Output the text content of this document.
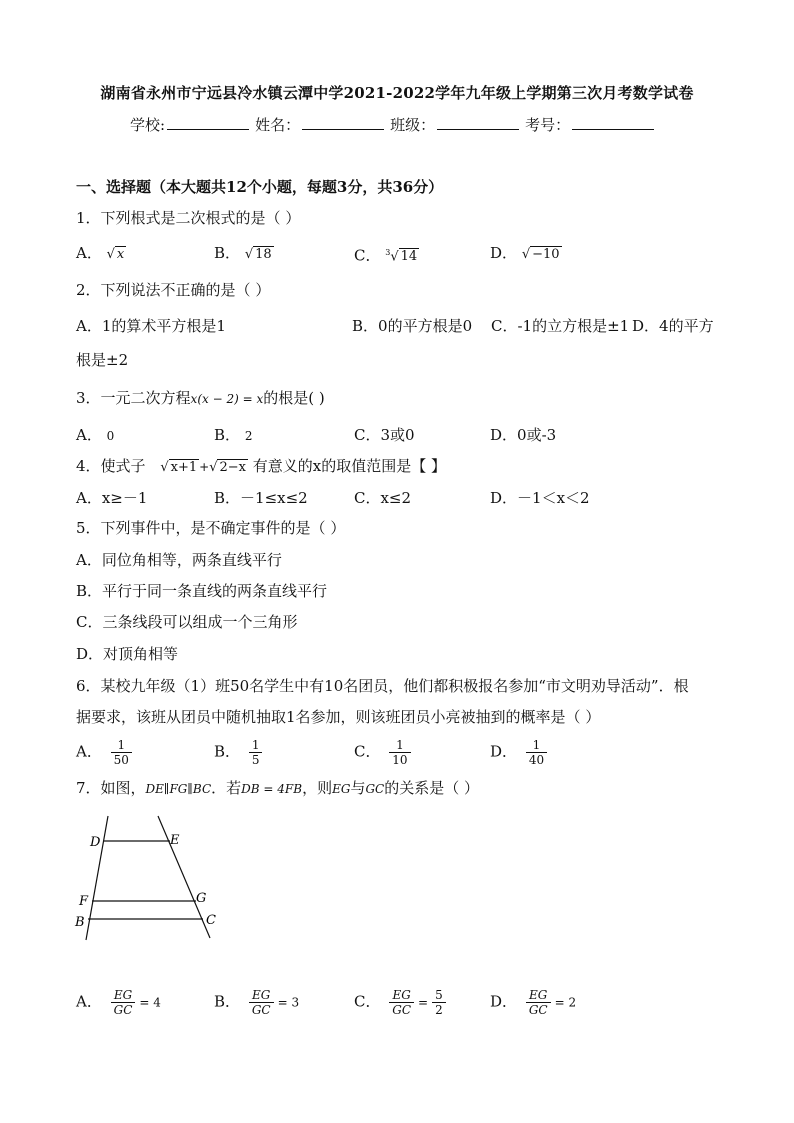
湖南省永州市宁远县冷水镇云潭中学2021-2022学年九年级上学期第三次月考数学试卷
学校:	姓名：	班级：	考号：
一、选择题（本大题共12个小题，每题3分，共36分）
1．下列根式是二次根式的是（ ）
A． √ x	B． √ 18	C． $^3$√ 14	D． √ −10
2．下列说法不正确的是（ ）
A．1的算术平方根是1	B．0的平方根是0 C．-1的立方根是±1 D．4的平方
根是±2
3．一元二次方程x(x − 2) = x的根是( )
A． 0	B． 2	C．3或0	D．0或-3
4．使式子 √ x+1 +√ 2−x 有意义的x的取值范围是【 】
A．x≥－1	B．－1≤x≤2	C．x≤2	D．－1＜x＜2
5．下列事件中，是不确定事件的是（ ）
A．同位角相等，两条直线平行
B．平行于同一条直线的两条直线平行
C．三条线段可以组成一个三角形
D．对顶角相等
6．某校九年级（1）班50名学生中有10名团员，他们都积极报名参加“市文明劝导活动”．根
据要求，该班从团员中随机抽取1名参加，则该班团员小亮被抽到的概率是（ ）
A． $\frac{1}{50}$	B． $\frac{1}{5}$	C． $\frac{1}{10}$	D． $\frac{1}{40}$
7．如图，DE∥FG∥BC．若DB = 4FB，则EG与GC的关系是（ ）
D	E
F	G
B	C
A． $\frac{EG}{GC} = 4$	B． $\frac{EG}{GC} = 3$	C． $\frac{EG}{GC} = \frac{5}{2}$	D． $\frac{EG}{GC} = 2$
